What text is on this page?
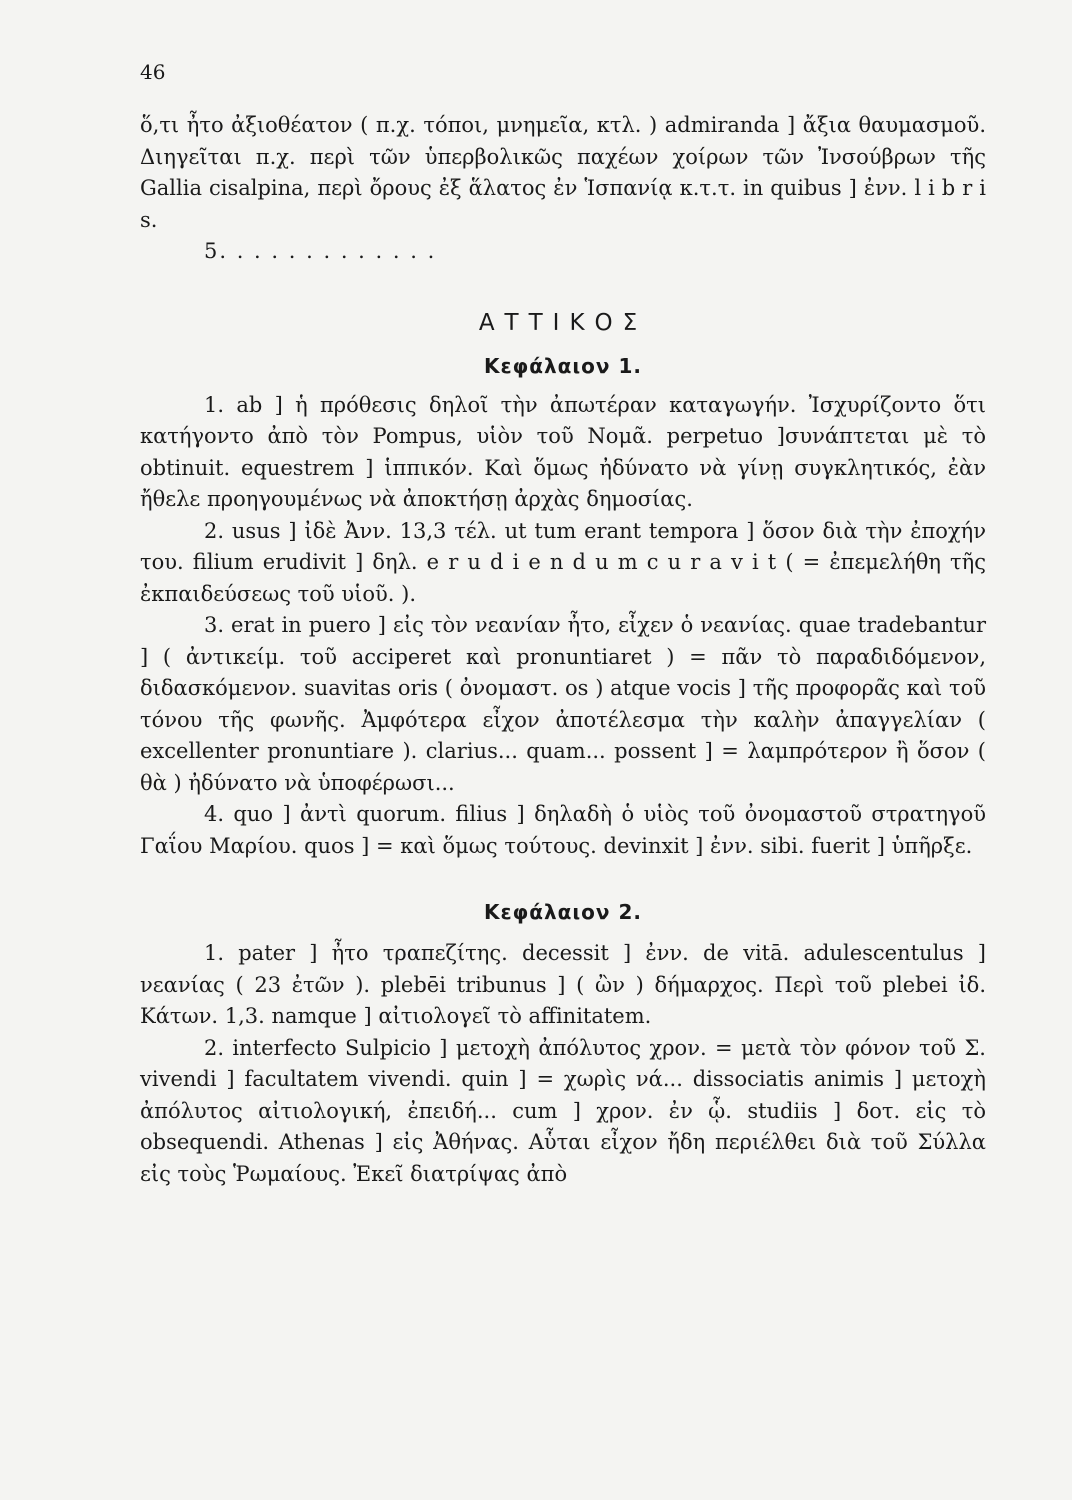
46

ὅ,τι ἦτο ἀξιοθέατον ( π.χ. τόποι, μνημεῖα, κτλ. ) admiranda ] ἄξια θαυμασμοῦ. Διηγεῖται π.χ. περὶ τῶν ὑπερβολικῶς παχέων χοίρων τῶν Ἰνσούβρων τῆς Gallia cisalpina, περὶ ὄρους ἐξ ἅλατος ἐν Ἱσπανίᾳ κ.τ.τ. in quibus ] ἐνν. l i b r i s.

5. . . . . . . . . . . . .
ΑΤΤΙΚΟΣ
Κεφάλαιον 1.

1. ab ] ἡ πρόθεσις δηλοῖ τὴν ἀπωτέραν καταγωγήν. Ἰσχυρίζοντο ὅτι κατήγοντο ἀπὸ τὸν Pompus, υἱὸν τοῦ Νομᾶ. perpetuo ]συνάπτεται μὲ τὸ obtinuit. equestrem ] ἱππικόν. Καὶ ὅμως ἠδύνατο νὰ γίνῃ συγκλητικός, ἐὰν ἤθελε προηγουμένως νὰ ἀποκτήσῃ ἀρχὰς δημοσίας.

2. usus ] ἰδὲ Ἀνν. 13,3 τέλ. ut tum erant tempora ] ὅσον διὰ τὴν ἐποχήν του. filium erudivit ] δηλ. e r u d i e n d u m c u r a v i t ( = ἐπεμελήθη τῆς ἐκπαιδεύσεως τοῦ υἱοῦ. ).

3. erat in puero ] εἰς τὸν νεανίαν ἦτο, εἶχεν ὁ νεανίας. quae tradebantur ] ( ἀντικείμ. τοῦ acciperet καὶ pronuntiaret ) = πᾶν τὸ παραδιδόμενον, διδασκόμενον. suavitas oris ( ὀνομαστ. os ) atque vocis ] τῆς προφορᾶς καὶ τοῦ τόνου τῆς φωνῆς. Ἀμφότερα εἶχον ἀποτέλεσμα τὴν καλὴν ἀπαγγελίαν ( excellenter pronuntiare ). clarius... quam... possent ] = λαμπρότερον ἢ ὅσον ( θὰ ) ἠδύνατο νὰ ὑποφέρωσι...

4. quo ] ἀντὶ quorum. filius ] δηλαδὴ ὁ υἱὸς τοῦ ὀνομαστοῦ στρατηγοῦ Γαΐου Μαρίου. quos ] = καὶ ὅμως τούτους. devinxit ] ἐνν. sibi. fuerit ] ὑπῆρξε.

Κεφάλαιον 2.

1. pater ] ἦτο τραπεζίτης. decessit ] ἐνν. de vitā. adulescentulus ] νεανίας ( 23 ἐτῶν ). plebēi tribunus ] ( ὢν ) δήμαρχος. Περὶ τοῦ plebei ἰδ. Κάτων. 1,3. namque ] αἰτιολογεῖ τὸ affinitatem.

2. interfecto Sulpicio ] μετοχὴ ἀπόλυτος χρον. = μετὰ τὸν φόνον τοῦ Σ. vivendi ] facultatem vivendi. quin ] = χωρὶς νά... dissociatis animis ] μετοχὴ ἀπόλυτος αἰτιολογική, ἐπειδή... cum ] χρον. ἐν ᾧ. studiis ] δοτ. εἰς τὸ obsequendi. Athenas ] εἰς Ἀθήνας. Αὗται εἶχον ἤδη περιέλθει διὰ τοῦ Σύλλα εἰς τοὺς Ῥωμαίους. Ἐκεῖ διατρίψας ἀπὸ
